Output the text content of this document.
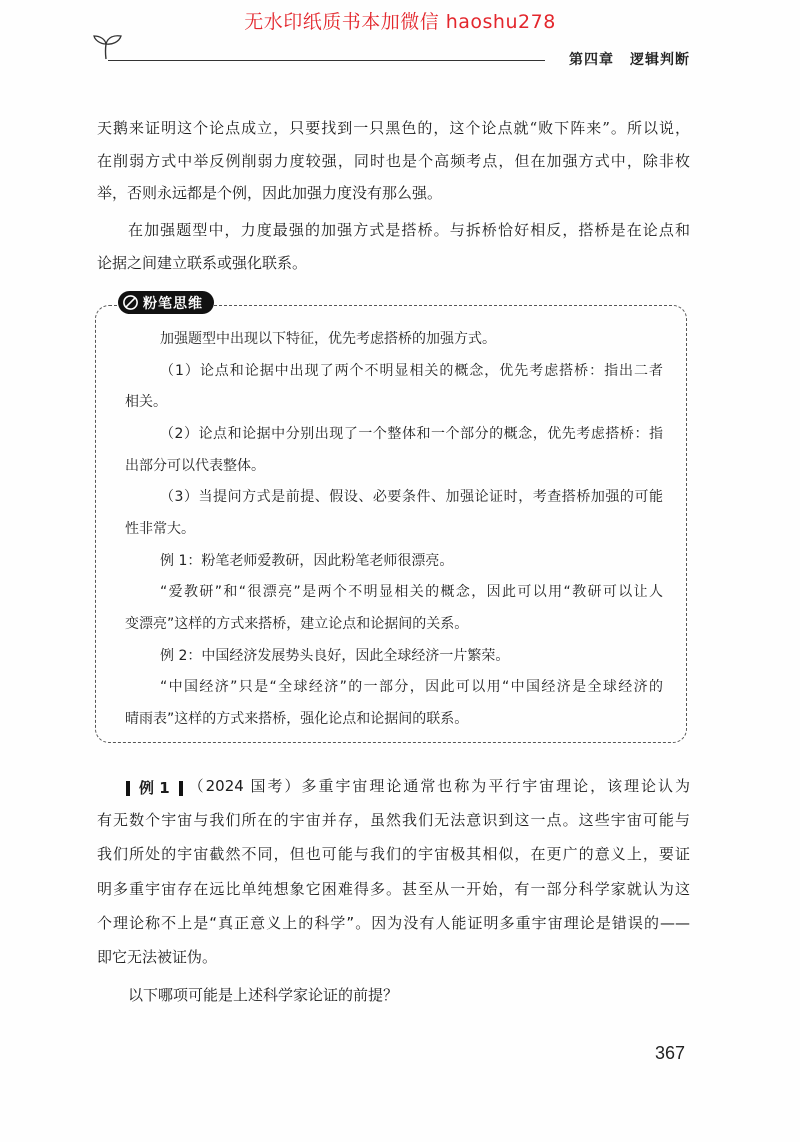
无水印纸质书本加微信 haoshu278
第四章 逻辑判断
天鹅来证明这个论点成立，只要找到一只黑色的，这个论点就“败下阵来”。所以说，
在削弱方式中举反例削弱力度较强，同时也是个高频考点，但在加强方式中，除非枚
举，否则永远都是个例，因此加强力度没有那么强。
在加强题型中，力度最强的加强方式是搭桥。与拆桥恰好相反，搭桥是在论点和
论据之间建立联系或强化联系。
粉笔思维
加强题型中出现以下特征，优先考虑搭桥的加强方式。
（1）论点和论据中出现了两个不明显相关的概念，优先考虑搭桥：指出二者
相关。
（2）论点和论据中分别出现了一个整体和一个部分的概念，优先考虑搭桥：指
出部分可以代表整体。
（3）当提问方式是前提、假设、必要条件、加强论证时，考查搭桥加强的可能
性非常大。
例 1：粉笔老师爱教研，因此粉笔老师很漂亮。
“爱教研”和“很漂亮”是两个不明显相关的概念，因此可以用“教研可以让人
变漂亮”这样的方式来搭桥，建立论点和论据间的关系。
例 2：中国经济发展势头良好，因此全球经济一片繁荣。
“中国经济”只是“全球经济”的一部分，因此可以用“中国经济是全球经济的
晴雨表”这样的方式来搭桥，强化论点和论据间的联系。
例 1 （2024 国考）多重宇宙理论通常也称为平行宇宙理论，该理论认为
有无数个宇宙与我们所在的宇宙并存，虽然我们无法意识到这一点。这些宇宙可能与
我们所处的宇宙截然不同，但也可能与我们的宇宙极其相似，在更广的意义上，要证
明多重宇宙存在远比单纯想象它困难得多。甚至从一开始，有一部分科学家就认为这
个理论称不上是“真正意义上的科学”。因为没有人能证明多重宇宙理论是错误的——
即它无法被证伪。
以下哪项可能是上述科学家论证的前提？
367
